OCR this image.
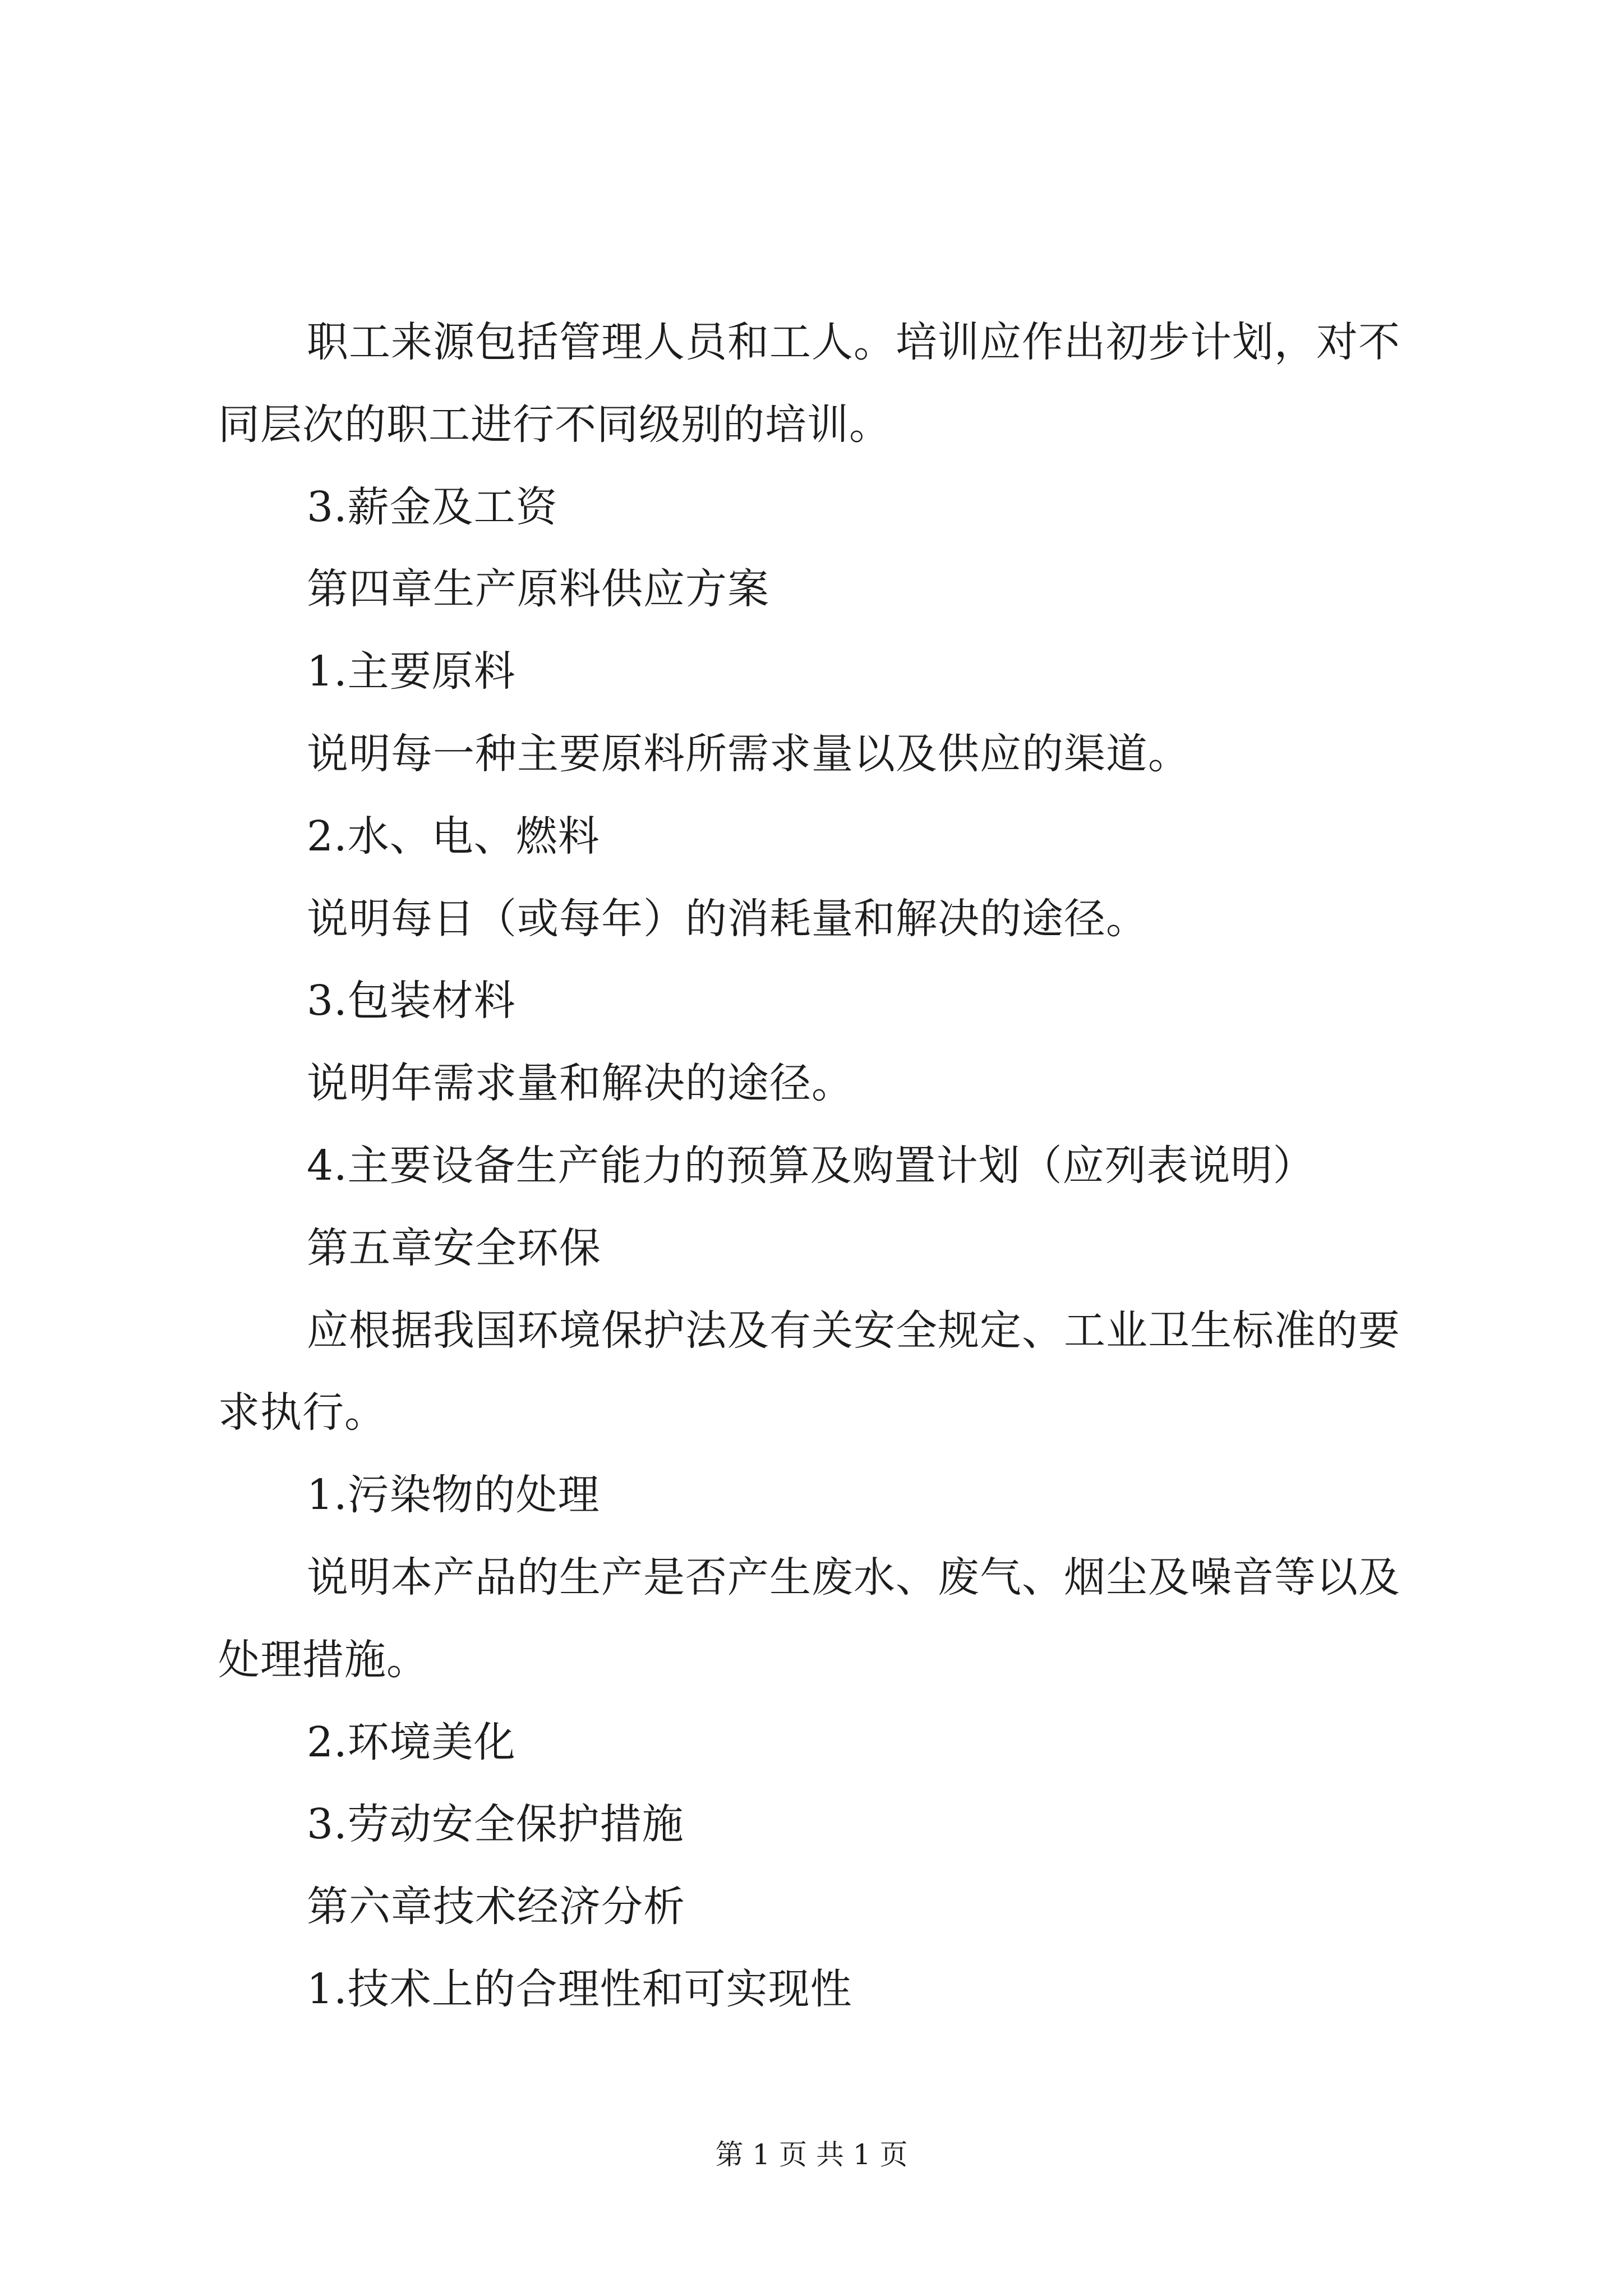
职工来源包括管理人员和工人。培训应作出初步计划，对不
同层次的职工进行不同级别的培训。
3.薪金及工资
第四章生产原料供应方案
1.主要原料
说明每一种主要原料所需求量以及供应的渠道。
2.水、电、燃料
说明每日（或每年）的消耗量和解决的途径。
3.包装材料
说明年需求量和解决的途径。
4.主要设备生产能力的预算及购置计划（应列表说明）
第五章安全环保
应根据我国环境保护法及有关安全规定、工业卫生标准的要
求执行。
1.污染物的处理
说明本产品的生产是否产生废水、废气、烟尘及噪音等以及
处理措施。
2.环境美化
3.劳动安全保护措施
第六章技术经济分析
1.技术上的合理性和可实现性
第 1 页 共 1 页
